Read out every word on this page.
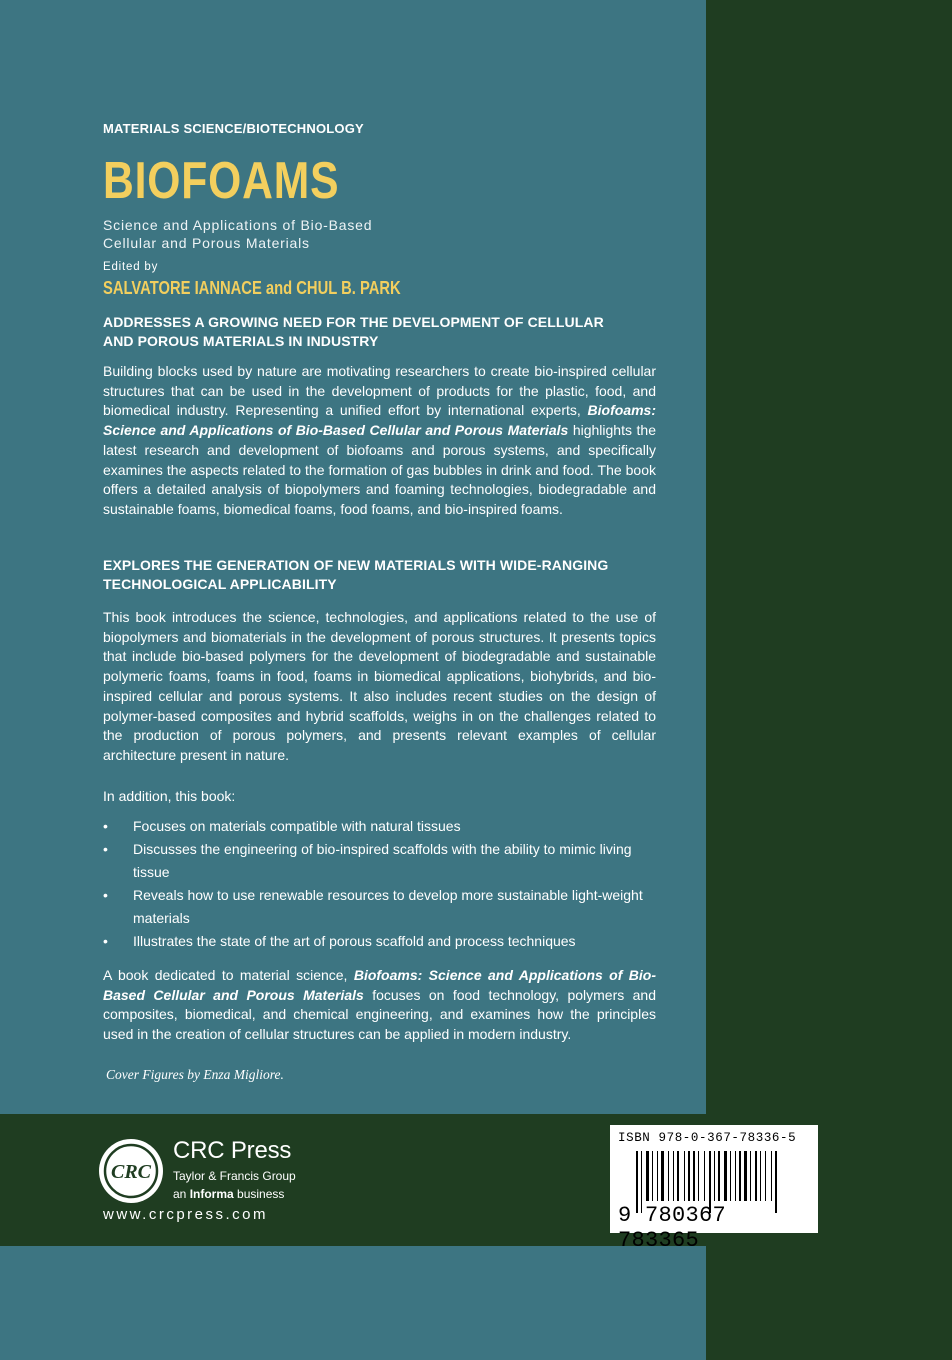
MATERIALS SCIENCE/BIOTECHNOLOGY
BIOFOAMS
Science and Applications of Bio-Based
Cellular and Porous Materials
Edited by
SALVATORE IANNACE and CHUL B. PARK
ADDRESSES A GROWING NEED FOR THE DEVELOPMENT OF CELLULAR
AND POROUS MATERIALS IN INDUSTRY
Building blocks used by nature are motivating researchers to create bio-inspired cellular structures that can be used in the development of products for the plastic, food, and biomedical industry. Representing a unified effort by international experts, Biofoams: Science and Applications of Bio-Based Cellular and Porous Materials highlights the latest research and development of biofoams and porous systems, and specifically examines the aspects related to the formation of gas bubbles in drink and food. The book offers a detailed analysis of biopolymers and foaming technologies, biodegradable and sustainable foams, biomedical foams, food foams, and bio-inspired foams.
EXPLORES THE GENERATION OF NEW MATERIALS WITH WIDE-RANGING
TECHNOLOGICAL APPLICABILITY
This book introduces the science, technologies, and applications related to the use of biopolymers and biomaterials in the development of porous structures. It presents topics that include bio-based polymers for the development of biodegradable and sustainable polymeric foams, foams in food, foams in biomedical applications, biohybrids, and bio-inspired cellular and porous systems. It also includes recent studies on the design of polymer-based composites and hybrid scaffolds, weighs in on the challenges related to the production of porous polymers, and presents relevant examples of cellular architecture present in nature.
In addition, this book:
• Focuses on materials compatible with natural tissues
• Discusses the engineering of bio-inspired scaffolds with the ability to mimic living tissue
• Reveals how to use renewable resources to develop more sustainable light-weight materials
• Illustrates the state of the art of porous scaffold and process techniques
A book dedicated to material science, Biofoams: Science and Applications of Bio-Based Cellular and Porous Materials focuses on food technology, polymers and composites, biomedical, and chemical engineering, and examines how the principles used in the creation of cellular structures can be applied in modern industry.
Cover Figures by Enza Migliore.
CRC
CRC Press
Taylor & Francis Group
an Informa business
www.crcpress.com
ISBN 978-0-367-78336-5
9 780367 783365
